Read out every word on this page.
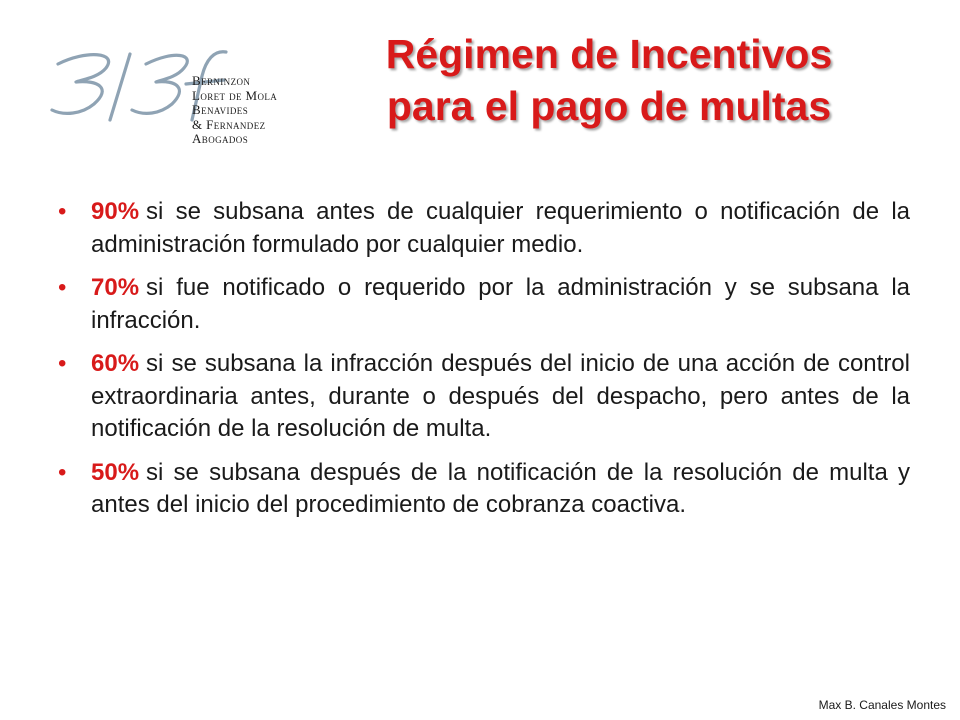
Berninzon
Loret de Mola
Benavides
& Fernandez
Abogados
Régimen de Incentivos
para el pago de multas
• 90% si se subsana antes de cualquier requerimiento o notificación de la administración formulado por cualquier medio.
• 70% si fue notificado o requerido por la administración y se subsana la infracción.
• 60% si se subsana la infracción después del inicio de una acción de control extraordinaria antes, durante o después del despacho, pero antes de la notificación de la resolución de multa.
• 50% si se subsana después de la notificación de la resolución de multa y antes del inicio del procedimiento de cobranza coactiva.
Max B. Canales Montes
